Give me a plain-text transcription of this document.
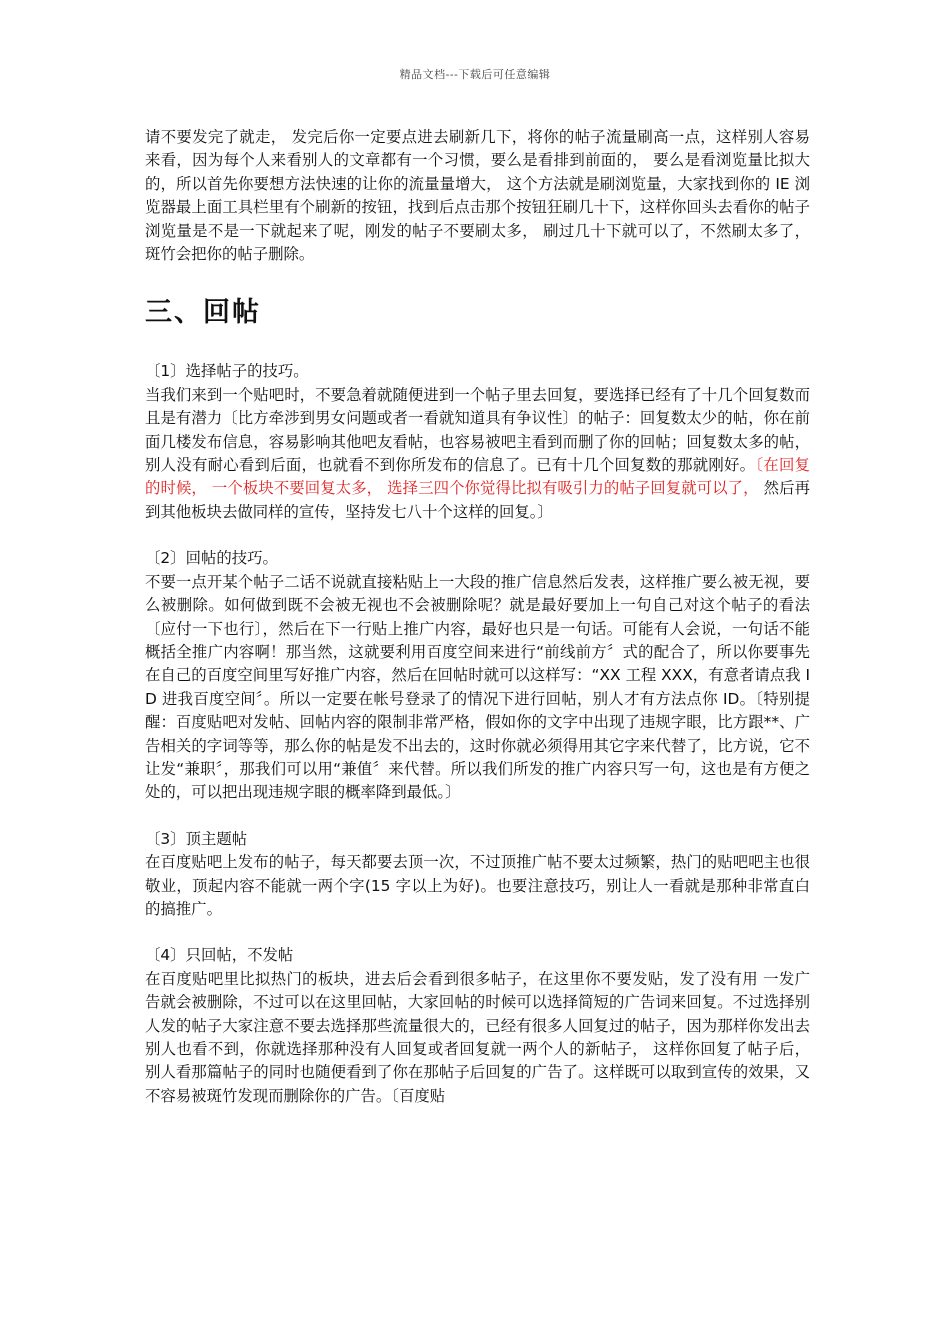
精品文档---下载后可任意编辑

请不要发完了就走， 发完后你一定要点进去刷新几下，将你的帖子流量刷高一点，这样别人容易来看，因为每个人来看别人的文章都有一个习惯，要么是看排到前面的， 要么是看浏览量比拟大的，所以首先你要想方法快速的让你的流量量增大， 这个方法就是刷浏览量，大家找到你的 IE 浏览器最上面工具栏里有个刷新的按钮，找到后点击那个按钮狂刷几十下，这样你回头去看你的帖子浏览量是不是一下就起来了呢，刚发的帖子不要刷太多， 刷过几十下就可以了，不然刷太多了， 斑竹会把你的帖子删除。

三、回帖

〔1〕选择帖子的技巧。

当我们来到一个贴吧时，不要急着就随便进到一个帖子里去回复，要选择已经有了十几个回复数而且是有潜力〔比方牵涉到男女问题或者一看就知道具有争议性〕的帖子：回复数太少的帖，你在前面几楼发布信息，容易影响其他吧友看帖，也容易被吧主看到而删了你的回帖；回复数太多的帖，别人没有耐心看到后面，也就看不到你所发布的信息了。已有十几个回复数的那就刚好。〔在回复的时候， 一个板块不要回复太多， 选择三四个你觉得比拟有吸引力的帖子回复就可以了， 然后再到其他板块去做同样的宣传，坚持发七八十个这样的回复。〕

〔2〕回帖的技巧。

不要一点开某个帖子二话不说就直接粘贴上一大段的推广信息然后发表，这样推广要么被无视，要么被删除。如何做到既不会被无视也不会被删除呢？就是最好要加上一句自己对这个帖子的看法〔应付一下也行〕，然后在下一行贴上推广内容，最好也只是一句话。可能有人会说，一句话不能概括全推广内容啊！那当然，这就要利用百度空间来进行“前线前方〞式的配合了，所以你要事先在自己的百度空间里写好推广内容，然后在回帖时就可以这样写：“XX 工程 XXX，有意者请点我 ID 进我百度空间〞。所以一定要在帐号登录了的情况下进行回帖，别人才有方法点你 ID。〔特别提醒：百度贴吧对发帖、回帖内容的限制非常严格，假如你的文字中出现了违规字眼，比方跟**、广告相关的字词等等，那么你的帖是发不出去的，这时你就必须得用其它字来代替了，比方说，它不让发“兼职〞，那我们可以用“兼值〞来代替。所以我们所发的推广内容只写一句，这也是有方便之处的，可以把出现违规字眼的概率降到最低。〕

〔3〕顶主题帖

在百度贴吧上发布的帖子，每天都要去顶一次，不过顶推广帖不要太过频繁，热门的贴吧吧主也很敬业，顶起内容不能就一两个字(15 字以上为好)。也要注意技巧，别让人一看就是那种非常直白的搞推广。

〔4〕只回帖，不发帖

在百度贴吧里比拟热门的板块，进去后会看到很多帖子，在这里你不要发贴，发了没有用 一发广告就会被删除，不过可以在这里回帖，大家回帖的时候可以选择简短的广告词来回复。不过选择别人发的帖子大家注意不要去选择那些流量很大的，已经有很多人回复过的帖子，因为那样你发出去别人也看不到，你就选择那种没有人回复或者回复就一两个人的新帖子， 这样你回复了帖子后， 别人看那篇帖子的同时也随便看到了你在那帖子后回复的广告了。这样既可以取到宣传的效果，又不容易被斑竹发现而删除你的广告。〔百度贴
